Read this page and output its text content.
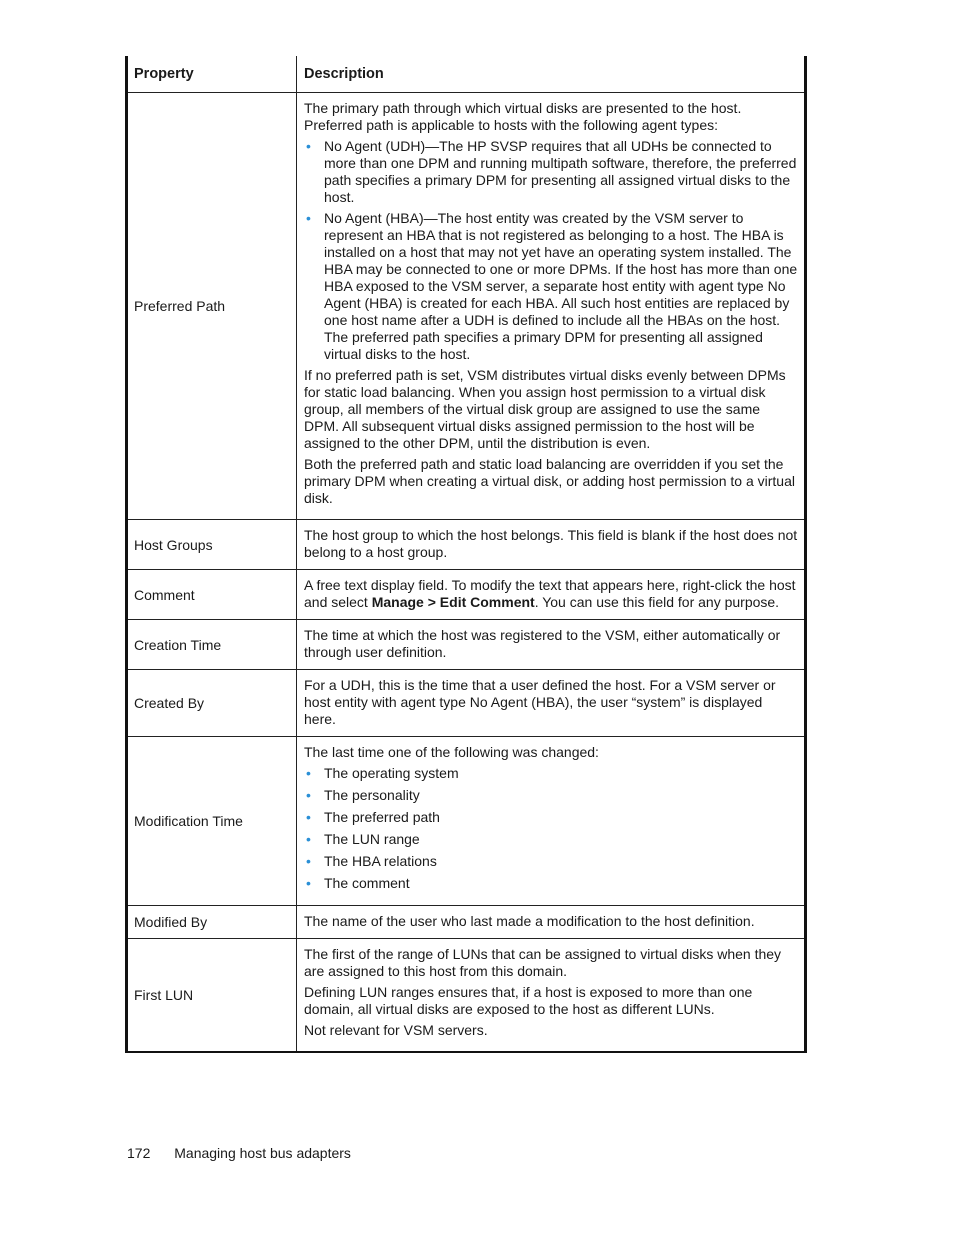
Property	Description
Preferred Path

The primary path through which virtual disks are presented to the host. Preferred path is applicable to hosts with the following agent types:

• No Agent (UDH)—The HP SVSP requires that all UDHs be connected to more than one DPM and running multipath software, therefore, the preferred path specifies a primary DPM for presenting all assigned virtual disks to the host.
• No Agent (HBA)—The host entity was created by the VSM server to represent an HBA that is not registered as belonging to a host. The HBA is installed on a host that may not yet have an operating system installed. The HBA may be connected to one or more DPMs. If the host has more than one HBA exposed to the VSM server, a separate host entity with agent type No Agent (HBA) is created for each HBA. All such host entities are replaced by one host name after a UDH is defined to include all the HBAs on the host. The preferred path specifies a primary DPM for presenting all assigned virtual disks to the host.

If no preferred path is set, VSM distributes virtual disks evenly between DPMs for static load balancing. When you assign host permission to a virtual disk group, all members of the virtual disk group are assigned to use the same DPM. All subsequent virtual disks assigned permission to the host will be assigned to the other DPM, until the distribution is even.

Both the preferred path and static load balancing are overridden if you set the primary DPM when creating a virtual disk, or adding host permission to a virtual disk.

Host Groups
The host group to which the host belongs. This field is blank if the host does not belong to a host group.
Comment
A free text display field. To modify the text that appears here, right-click the host and select Manage > Edit Comment. You can use this field for any purpose.
Creation Time
The time at which the host was registered to the VSM, either automatically or through user definition.
Created By
For a UDH, this is the time that a user defined the host. For a VSM server or host entity with agent type No Agent (HBA), the user “system” is displayed here.
Modification Time

The last time one of the following was changed:

• The operating system
• The personality
• The preferred path
• The LUN range
• The HBA relations
• The comment
Modified By	The name of the user who last made a modification to the host definition.
First LUN

The first of the range of LUNs that can be assigned to virtual disks when they are assigned to this host from this domain.

Defining LUN ranges ensures that, if a host is exposed to more than one domain, all virtual disks are exposed to the host as different LUNs.

Not relevant for VSM servers.

172 Managing host bus adapters
